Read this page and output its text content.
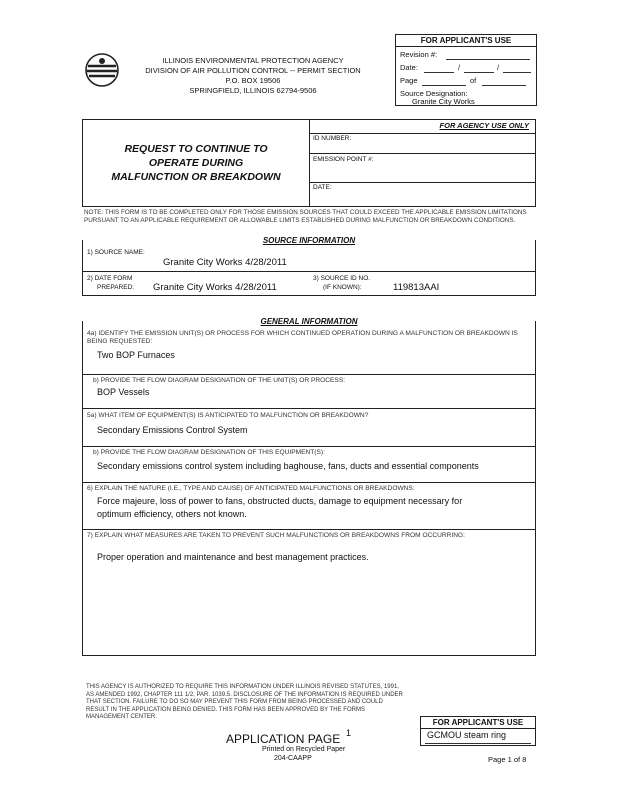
ILLINOIS ENVIRONMENTAL PROTECTION AGENCY
DIVISION OF AIR POLLUTION CONTROL -- PERMIT SECTION
P.O. BOX 19506
SPRINGFIELD, ILLINOIS 62794-9506
FOR APPLICANT'S USE
Revision #:
Date:	/	/
Page	of
Source Designation:
Granite City Works
REQUEST TO CONTINUE TO
OPERATE DURING
MALFUNCTION OR BREAKDOWN
FOR AGENCY USE ONLY
ID NUMBER:
EMISSION POINT #:
DATE:
NOTE: THIS FORM IS TO BE COMPLETED ONLY FOR THOSE EMISSION SOURCES THAT COULD EXCEED THE APPLICABLE EMISSION LIMITATIONS PURSUANT TO AN APPLICABLE REQUIREMENT OR ALLOWABLE LIMITS ESTABLISHED DURING MALFUNCTION OR BREAKDOWN CONDITIONS.
SOURCE INFORMATION
1) SOURCE NAME:
Granite City Works 4/28/2011
2) DATE FORM
PREPARED: Granite City Works 4/28/2011
3) SOURCE ID NO.
(IF KNOWN):	119813AAI
GENERAL INFORMATION
4a) IDENTIFY THE EMISSION UNIT(S) OR PROCESS FOR WHICH CONTINUED OPERATION DURING A MALFUNCTION OR BREAKDOWN IS BEING REQUESTED:
Two BOP Furnaces
b) PROVIDE THE FLOW DIAGRAM DESIGNATION OF THE UNIT(S) OR PROCESS:
BOP Vessels
5a) WHAT ITEM OF EQUIPMENT(S) IS ANTICIPATED TO MALFUNCTION OR BREAKDOWN?
Secondary Emissions Control System
b) PROVIDE THE FLOW DIAGRAM DESIGNATION OF THIS EQUIPMENT(S):
Secondary emissions control system including baghouse, fans, ducts and essential components
6) EXPLAIN THE NATURE (I.E., TYPE AND CAUSE) OF ANTICIPATED MALFUNCTIONS OR BREAKDOWNS:
Force majeure, loss of power to fans, obstructed ducts, damage to equipment necessary for
optimum efficiency, others not known.
7) EXPLAIN WHAT MEASURES ARE TAKEN TO PREVENT SUCH MALFUNCTIONS OR BREAKDOWNS FROM OCCURRING:
Proper operation and maintenance and best management practices.
THIS AGENCY IS AUTHORIZED TO REQUIRE THIS INFORMATION UNDER ILLINOIS REVISED STATUTES, 1991, AS AMENDED 1992, CHAPTER 111 1/2, PAR. 1039.5. DISCLOSURE OF THE INFORMATION IS REQUIRED UNDER THAT SECTION. FAILURE TO DO SO MAY PREVENT THIS FORM FROM BEING PROCESSED AND COULD RESULT IN THE APPLICATION BEING DENIED. THIS FORM HAS BEEN APPROVED BY THE FORMS MANAGEMENT CENTER.
FOR APPLICANT'S USE
GCMOU steam ring
APPLICATION PAGE 1
Printed on Recycled Paper
204-CAAPP	Page 1 of 8
